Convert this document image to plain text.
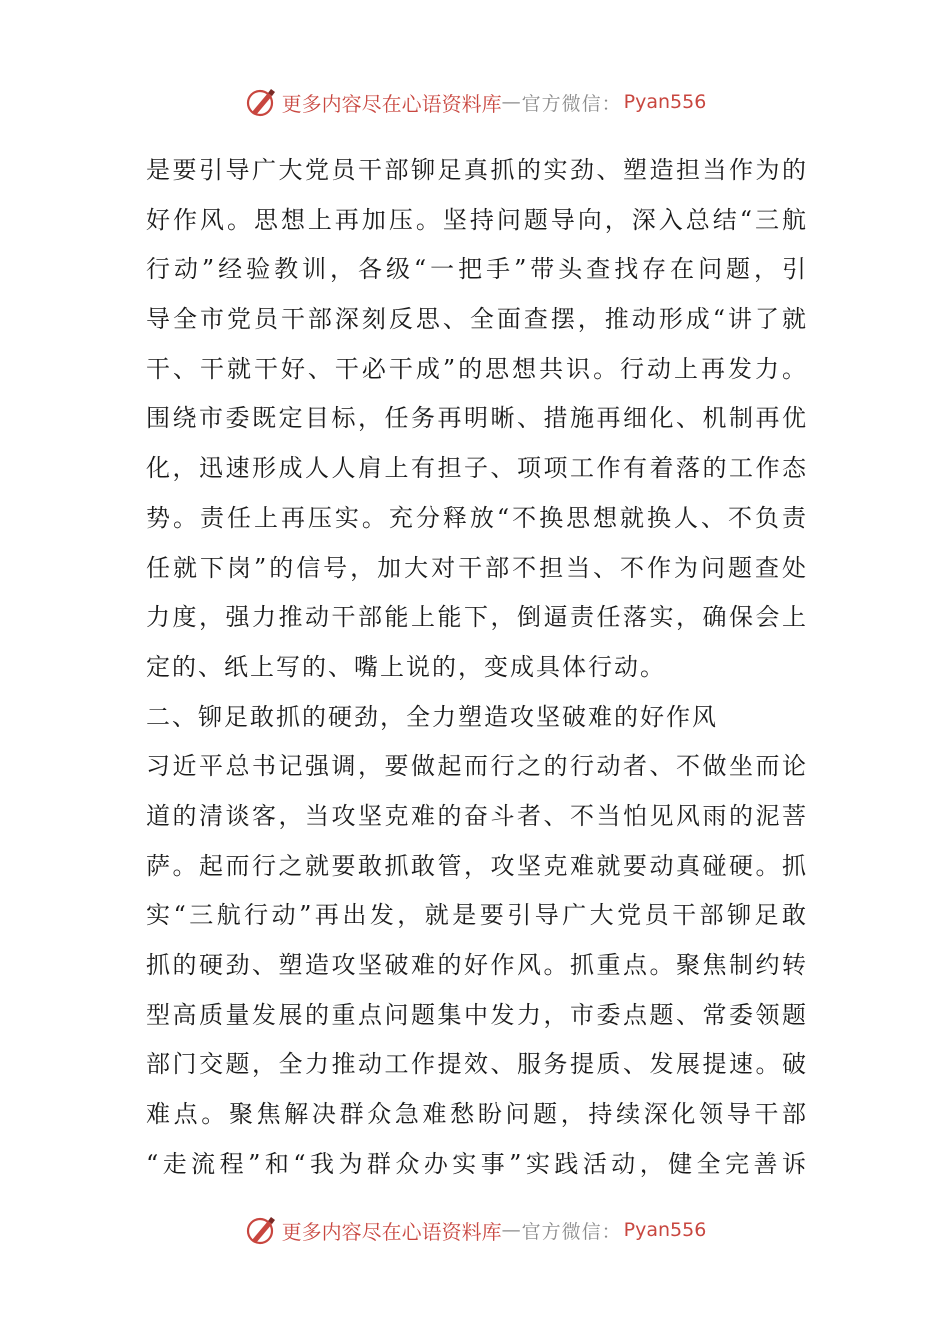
更多内容尽在心语资料库 — 官方微信： Pyan556
是要引导广大党员干部铆足真抓的实劲、塑造担当作为的
好作风。思想上再加压。坚持问题导向，深入总结“三航
行动”经验教训，各级“一把手”带头查找存在问题，引
导全市党员干部深刻反思、全面查摆，推动形成“讲了就
干、干就干好、干必干成”的思想共识。行动上再发力。
围绕市委既定目标，任务再明晰、措施再细化、机制再优
化，迅速形成人人肩上有担子、项项工作有着落的工作态
势。责任上再压实。充分释放“不换思想就换人、不负责
任就下岗”的信号，加大对干部不担当、不作为问题查处
力度，强力推动干部能上能下，倒逼责任落实，确保会上
定的、纸上写的、嘴上说的，变成具体行动。
二、铆足敢抓的硬劲，全力塑造攻坚破难的好作风
习近平总书记强调，要做起而行之的行动者、不做坐而论
道的清谈客，当攻坚克难的奋斗者、不当怕见风雨的泥菩
萨。起而行之就要敢抓敢管，攻坚克难就要动真碰硬。抓
实“三航行动”再出发，就是要引导广大党员干部铆足敢
抓的硬劲、塑造攻坚破难的好作风。抓重点。聚焦制约转
型高质量发展的重点问题集中发力，市委点题、常委领题
部门交题，全力推动工作提效、服务提质、发展提速。破
难点。聚焦解决群众急难愁盼问题，持续深化领导干部
“走流程”和“我为群众办实事”实践活动，健全完善诉
更多内容尽在心语资料库 — 官方微信： Pyan556
